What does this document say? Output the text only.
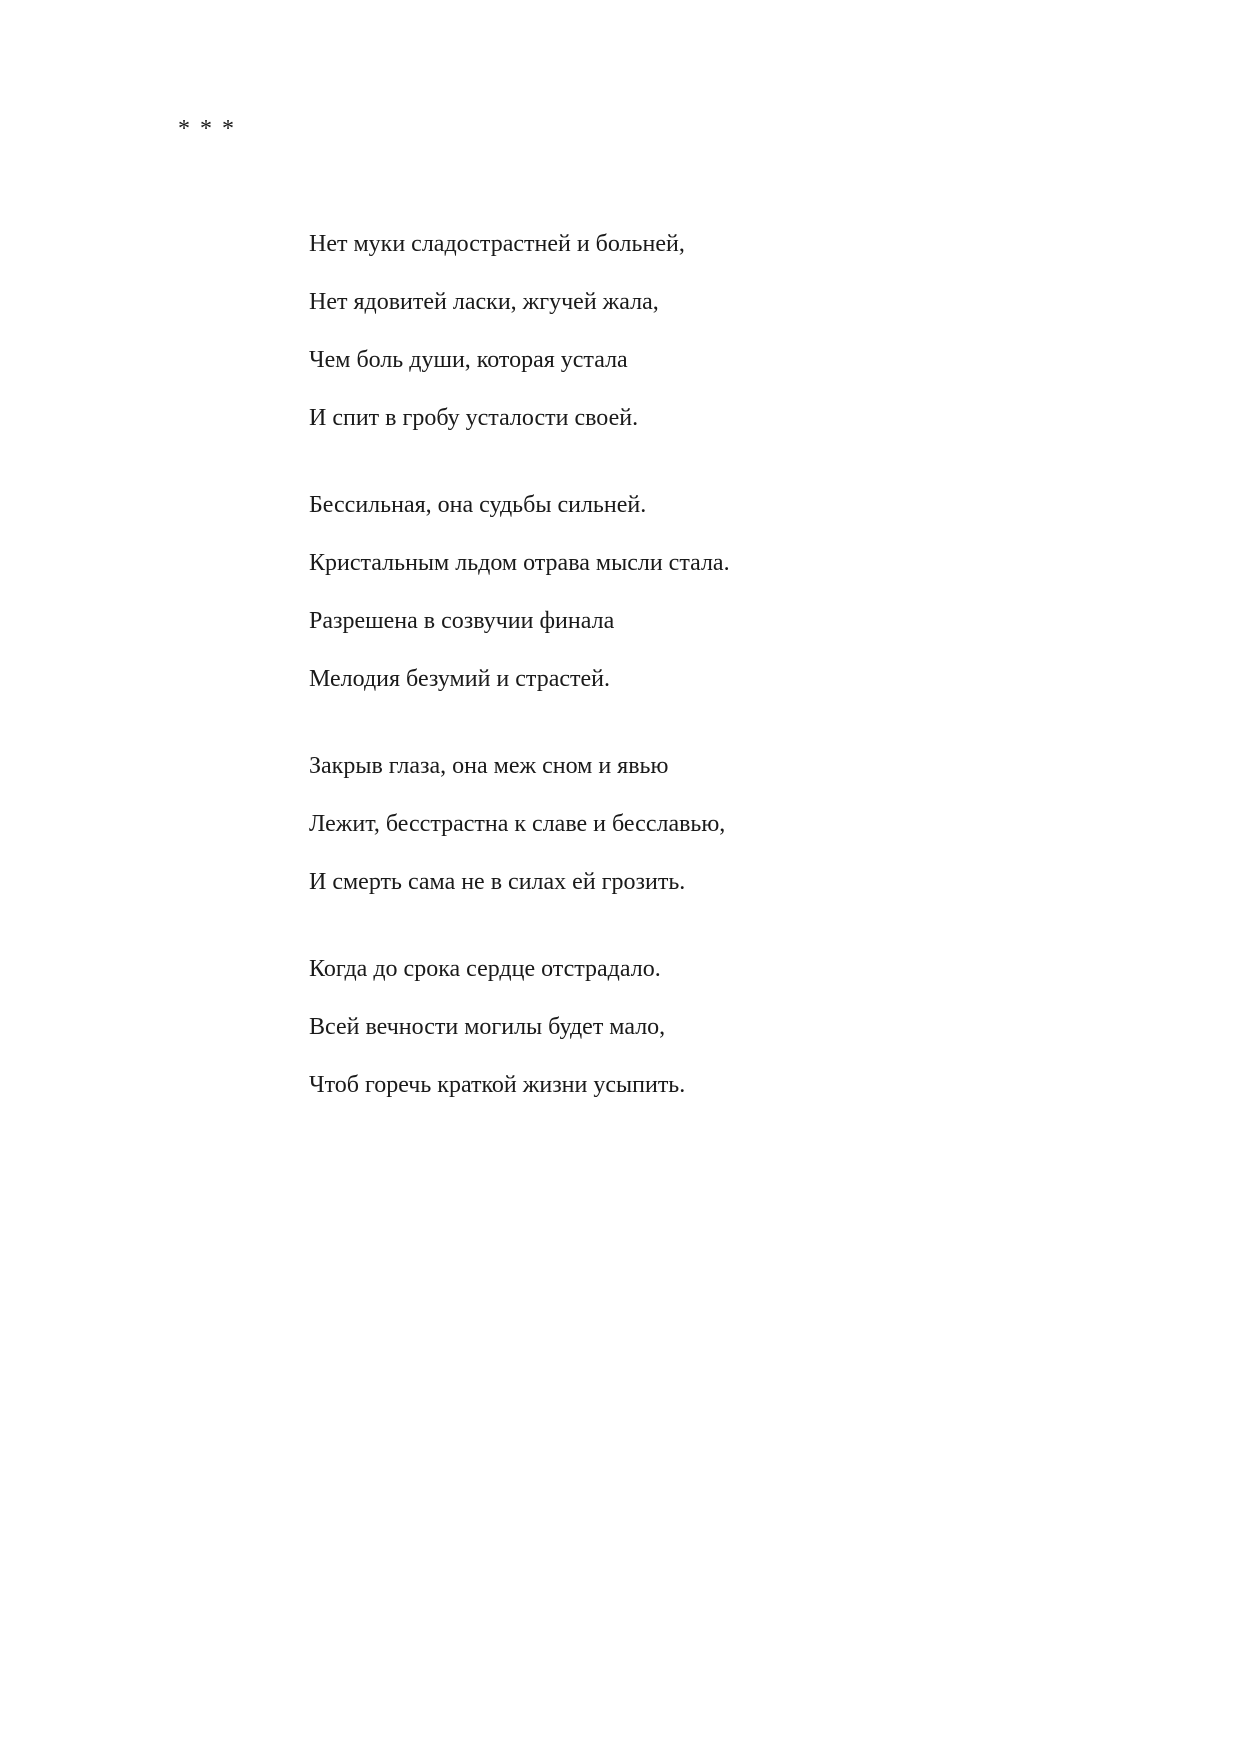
* * *
Нет муки сладострастней и больней,
Нет ядовитей ласки, жгучей жала,
Чем боль души, которая устала
И спит в гробу усталости своей.
Бессильная, она судьбы сильней.
Кристальным льдом отрава мысли стала.
Разрешена в созвучии финала
Мелодия безумий и страстей.
Закрыв глаза, она меж сном и явью
Лежит, бесстрастна к славе и бесславью,
И смерть сама не в силах ей грозить.
Когда до срока сердце отстрадало.
Всей вечности могилы будет мало,
Чтоб горечь краткой жизни усыпить.
